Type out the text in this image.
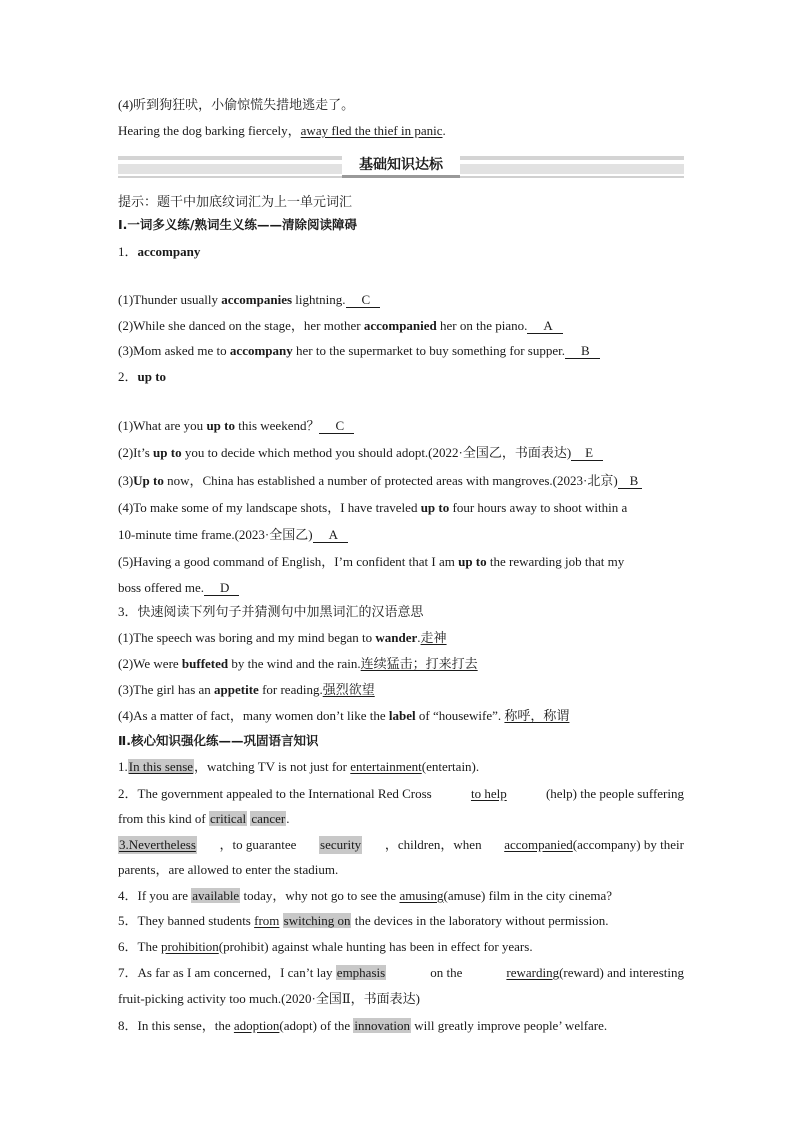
(4)听到狗狂吠，小偷惊慌失措地逃走了。
Hearing the dog barking fiercely，away fled the thief in panic.
基础知识达标
提示：题干中加底纹词汇为上一单元词汇
Ⅰ.一词多义练/熟词生义练——清除阅读障碍
1．accompany
(1)Thunder usually accompanies lightning. C
(2)While she danced on the stage，her mother accompanied her on the piano. A
(3)Mom asked me to accompany her to the supermarket to buy something for supper. B
2．up to
(1)What are you up to this weekend？ C
(2)It’s up to you to decide which method you should adopt.(2022·全国乙，书面表达) E
(3)Up to now，China has established a number of protected areas with mangroves.(2023·北京) B
(4)To make some of my landscape shots，I have traveled up to four hours away to shoot within a
10-minute time frame.(2023·全国乙) A
(5)Having a good command of English，I’m confident that I am up to the rewarding job that my
boss offered me. D
3．快速阅读下列句子并猜测句中加黑词汇的汉语意思
(1)The speech was boring and my mind began to wander.走神
(2)We were buffeted by the wind and the rain.连续猛击；打来打去
(3)The girl has an appetite for reading.强烈欲望
(4)As a matter of fact，many women don’t like the label of “housewife”. 称呼，称谓
Ⅱ.核心知识强化练——巩固语言知识
1.In this sense，watching TV is not just for entertainment(entertain).
2．The government appealed to the International Red Cross	to help	(help) the people suffering
from this kind of critical cancer.
3.Nevertheless ，to guarantee security ，children，when accompanied(accompany) by their
parents，are allowed to enter the stadium.
4．If you are available today，why not go to see the amusing(amuse) film in the city cinema?
5．They banned students from switching on the devices in the laboratory without permission.
6．The prohibition(prohibit) against whale hunting has been in effect for years.
7．As far as I am concerned，I can’t lay emphasis	on the	rewarding(reward) and interesting
fruit-picking activity too much.(2020·全国Ⅱ，书面表达)
8．In this sense，the adoption(adopt) of the innovation will greatly improve people’ welfare.
